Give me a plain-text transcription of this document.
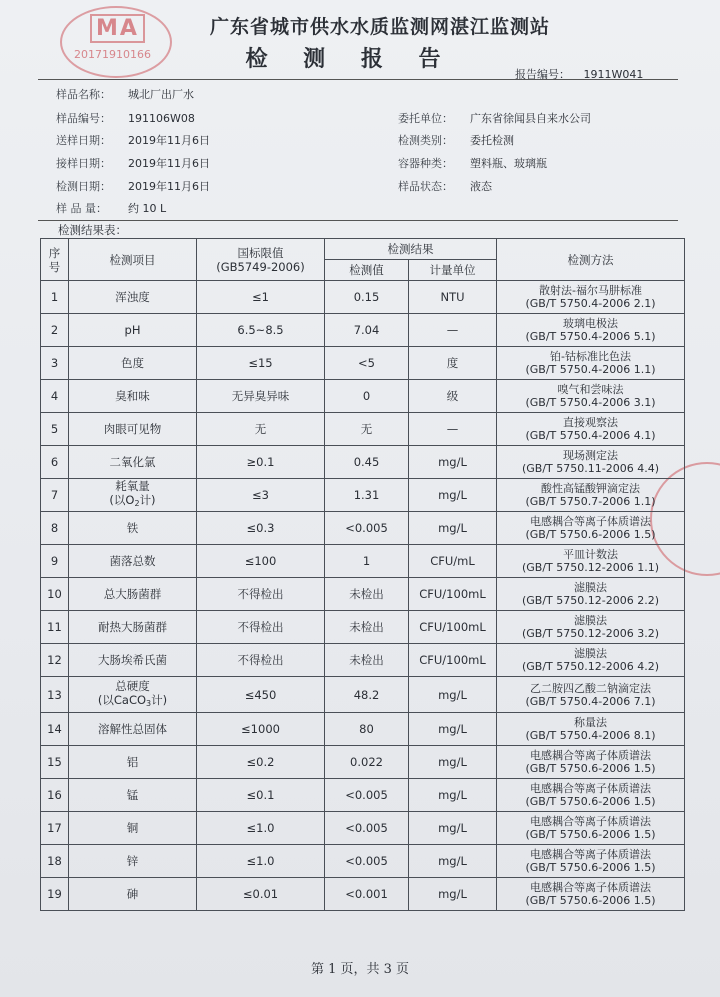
MA
20171910166
广东省城市供水水质监测网湛江监测站
检 测 报 告
报告编号： 1911W041
样品名称： 城北厂出厂水
样品编号： 191106W08
送样日期： 2019年11月6日
接样日期： 2019年11月6日
检测日期： 2019年11月6日
样 品 量： 约 10 L
委托单位： 广东省徐闻县自来水公司
检测类别： 委托检测
容器种类： 塑料瓶、玻璃瓶
样品状态： 液态
检测结果表：
序
号	检测项目	国标限值
(GB5749-2006)	检测结果		检测方法
			检测值	计量单位	
1	浑浊度	≤1	0.15	NTU	散射法-福尔马肼标准
(GB/T 5750.4-2006 2.1)
2	pH	6.5~8.5	7.04	—	玻璃电极法
(GB/T 5750.4-2006 5.1)
3	色度	≤15	<5	度	铂-钴标准比色法
(GB/T 5750.4-2006 1.1)
4	臭和味	无异臭异味	0	级	嗅气和尝味法
(GB/T 5750.4-2006 3.1)
5	肉眼可见物	无	无	—	直接观察法
(GB/T 5750.4-2006 4.1)
6	二氧化氯	≥0.1	0.45	mg/L	现场测定法
(GB/T 5750.11-2006 4.4)
7	耗氧量
(以$O_2$计)	≤3	1.31	mg/L	酸性高锰酸钾滴定法
(GB/T 5750.7-2006 1.1)
8	铁	≤0.3	<0.005	mg/L	电感耦合等离子体质谱法
(GB/T 5750.6-2006 1.5)
9	菌落总数	≤100	1	CFU/mL	平皿计数法
(GB/T 5750.12-2006 1.1)
10	总大肠菌群	不得检出	未检出	CFU/100mL	滤膜法
(GB/T 5750.12-2006 2.2)
11	耐热大肠菌群	不得检出	未检出	CFU/100mL	滤膜法
(GB/T 5750.12-2006 3.2)
12	大肠埃希氏菌	不得检出	未检出	CFU/100mL	滤膜法
(GB/T 5750.12-2006 4.2)
13	总硬度
(以CaCO$_3$计)	≤450	48.2	mg/L	乙二胺四乙酸二钠滴定法
(GB/T 5750.4-2006 7.1)
14	溶解性总固体	≤1000	80	mg/L	称量法
(GB/T 5750.4-2006 8.1)
15	铝	≤0.2	0.022	mg/L	电感耦合等离子体质谱法
(GB/T 5750.6-2006 1.5)
16	锰	≤0.1	<0.005	mg/L	电感耦合等离子体质谱法
(GB/T 5750.6-2006 1.5)
17	铜	≤1.0	<0.005	mg/L	电感耦合等离子体质谱法
(GB/T 5750.6-2006 1.5)
18	锌	≤1.0	<0.005	mg/L	电感耦合等离子体质谱法
(GB/T 5750.6-2006 1.5)
19	砷	≤0.01	<0.001	mg/L	电感耦合等离子体质谱法
(GB/T 5750.6-2006 1.5)
第 1 页，共 3 页
